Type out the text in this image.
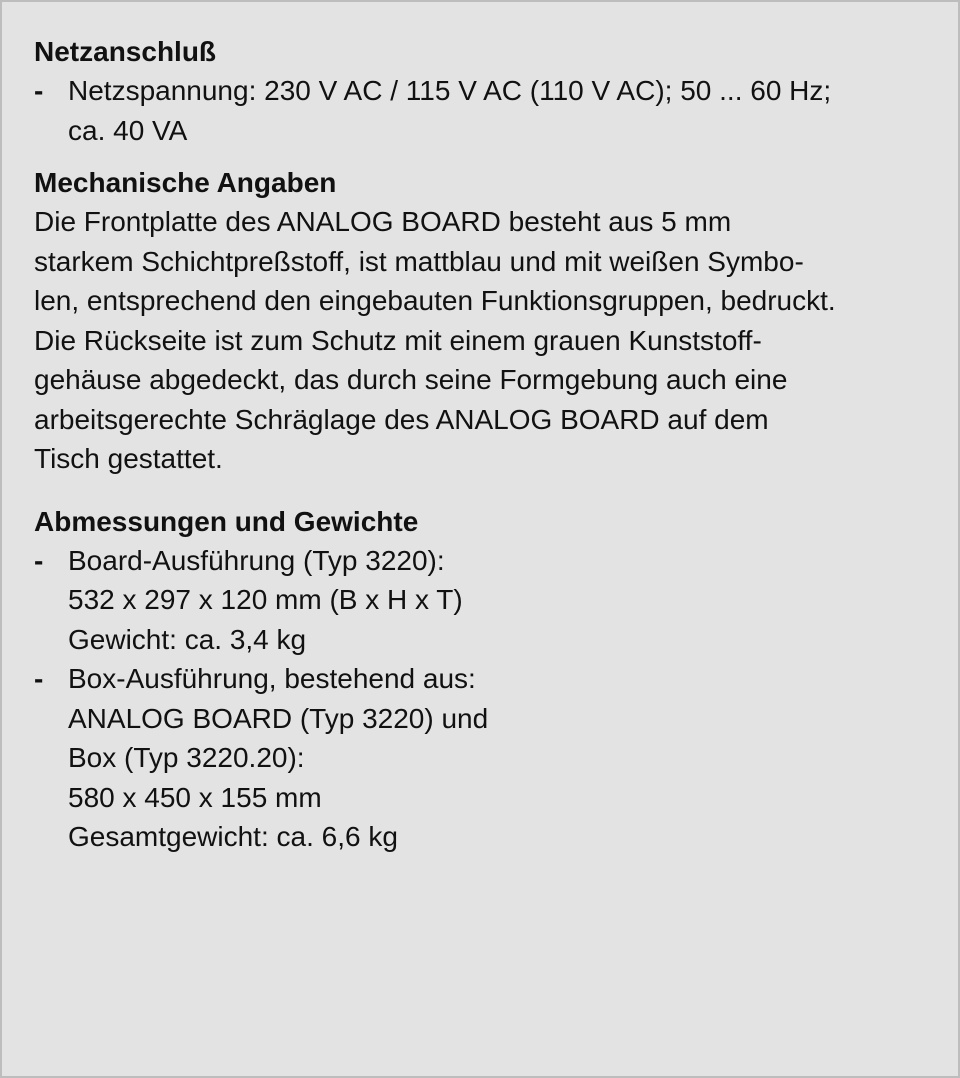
Netzanschluß
- Netzspannung: 230 V AC / 115 V AC (110 V AC); 50 ... 60 Hz;
ca. 40 VA
Mechanische Angaben

Die Frontplatte des ANALOG BOARD besteht aus 5 mm
starkem Schichtpreßstoff, ist mattblau und mit weißen Symbo-
len, entsprechend den eingebauten Funktionsgruppen, bedruckt.
Die Rückseite ist zum Schutz mit einem grauen Kunststoff-
gehäuse abgedeckt, das durch seine Formgebung auch eine
arbeitsgerechte Schräglage des ANALOG BOARD auf dem
Tisch gestattet.

Abmessungen und Gewichte
- Board-Ausführung (Typ 3220):
532 x 297 x 120 mm (B x H x T)
Gewicht: ca. 3,4 kg
- Box-Ausführung, bestehend aus:
ANALOG BOARD (Typ 3220) und
Box (Typ 3220.20):
580 x 450 x 155 mm
Gesamtgewicht: ca. 6,6 kg
